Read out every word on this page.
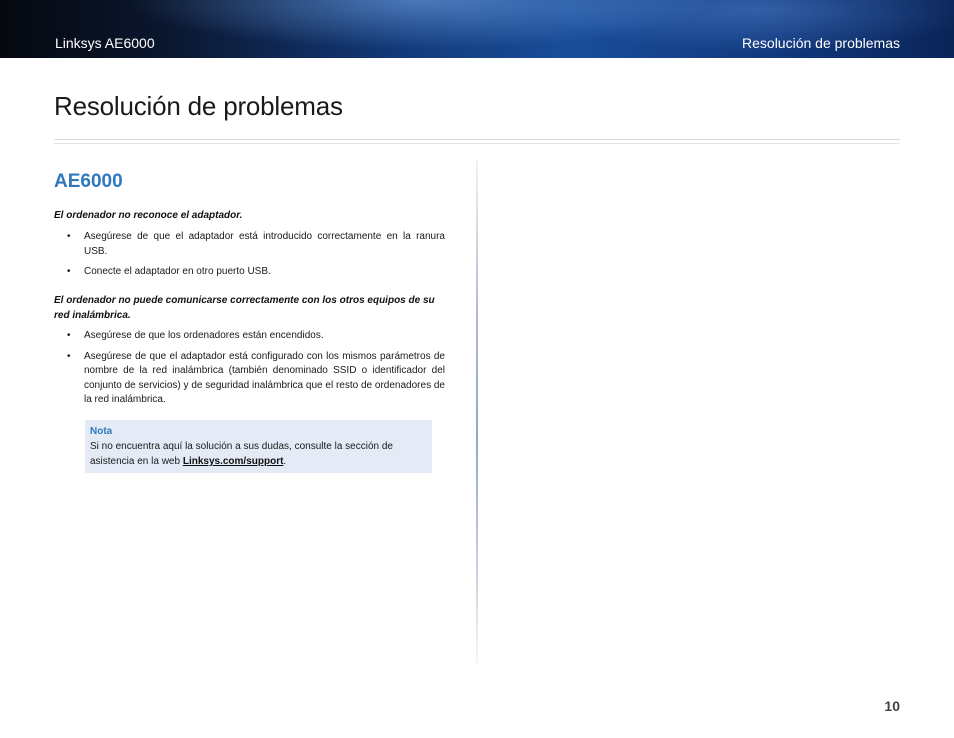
Linksys AE6000	Resolución de problemas
Resolución de problemas
AE6000

El ordenador no reconoce el adaptador.

• Asegúrese de que el adaptador está introducido correctamente en la ranura USB.
• Conecte el adaptador en otro puerto USB.

El ordenador no puede comunicarse correctamente con los otros equipos de su red inalámbrica.

• Asegúrese de que los ordenadores están encendidos.
• Asegúrese de que el adaptador está configurado con los mismos parámetros de nombre de la red inalámbrica (también denominado SSID o identificador del conjunto de servicios) y de seguridad inalámbrica que el resto de ordenadores de la red inalámbrica.
Nota
Si no encuentra aquí la solución a sus dudas, consulte la sección de asistencia en la web Linksys.com/support.
10
